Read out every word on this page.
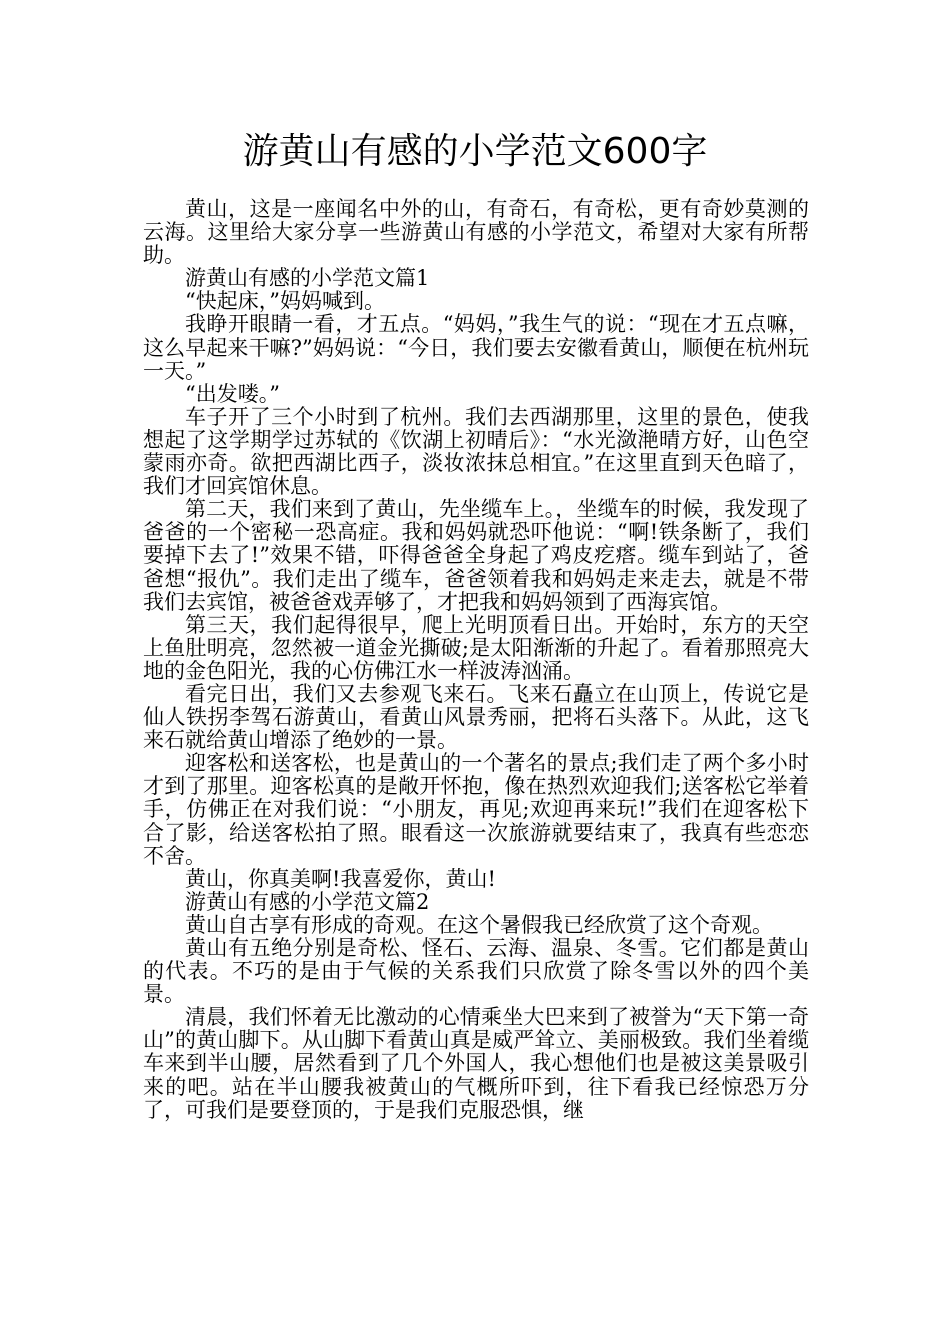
游黄山有感的小学范文600字

黄山，这是一座闻名中外的山，有奇石，有奇松，更有奇妙莫测的云海。这里给大家分享一些游黄山有感的小学范文，希望对大家有所帮助。

游黄山有感的小学范文篇1

“快起床，”妈妈喊到。

我睁开眼睛一看，才五点。“妈妈，”我生气的说：“现在才五点嘛，这么早起来干嘛?”妈妈说：“今日，我们要去安徽看黄山，顺便在杭州玩一天。”

“出发喽。”

车子开了三个小时到了杭州。我们去西湖那里，这里的景色，使我想起了这学期学过苏轼的《饮湖上初晴后》：“水光潋滟晴方好，山色空蒙雨亦奇。欲把西湖比西子，淡妆浓抹总相宜。”在这里直到天色暗了，我们才回宾馆休息。

第二天，我们来到了黄山，先坐缆车上。，坐缆车的时候，我发现了爸爸的一个密秘一恐高症。我和妈妈就恐吓他说：“啊!铁条断了，我们要掉下去了!”效果不错，吓得爸爸全身起了鸡皮疙瘩。缆车到站了，爸爸想“报仇”。我们走出了缆车，爸爸领着我和妈妈走来走去，就是不带我们去宾馆，被爸爸戏弄够了，才把我和妈妈领到了西海宾馆。

第三天，我们起得很早，爬上光明顶看日出。开始时，东方的天空上鱼肚明亮，忽然被一道金光撕破;是太阳渐渐的升起了。看着那照亮大地的金色阳光，我的心仿佛江水一样波涛汹涌。

看完日出，我们又去参观飞来石。飞来石矗立在山顶上，传说它是仙人铁拐李驾石游黄山，看黄山风景秀丽，把将石头落下。从此，这飞来石就给黄山增添了绝妙的一景。

迎客松和送客松，也是黄山的一个著名的景点;我们走了两个多小时才到了那里。迎客松真的是敞开怀抱，像在热烈欢迎我们;送客松它举着手，仿佛正在对我们说：“小朋友，再见;欢迎再来玩!”我们在迎客松下合了影，给送客松拍了照。眼看这一次旅游就要结束了，我真有些恋恋不舍。

黄山，你真美啊!我喜爱你，黄山!

游黄山有感的小学范文篇2

黄山自古享有形成的奇观。在这个暑假我已经欣赏了这个奇观。

黄山有五绝分别是奇松、怪石、云海、温泉、冬雪。它们都是黄山的代表。不巧的是由于气候的关系我们只欣赏了除冬雪以外的四个美景。

清晨，我们怀着无比激动的心情乘坐大巴来到了被誉为“天下第一奇山”的黄山脚下。从山脚下看黄山真是威严耸立、美丽极致。我们坐着缆车来到半山腰，居然看到了几个外国人，我心想他们也是被这美景吸引来的吧。站在半山腰我被黄山的气概所吓到，往下看我已经惊恐万分了，可我们是要登顶的，于是我们克服恐惧，继
